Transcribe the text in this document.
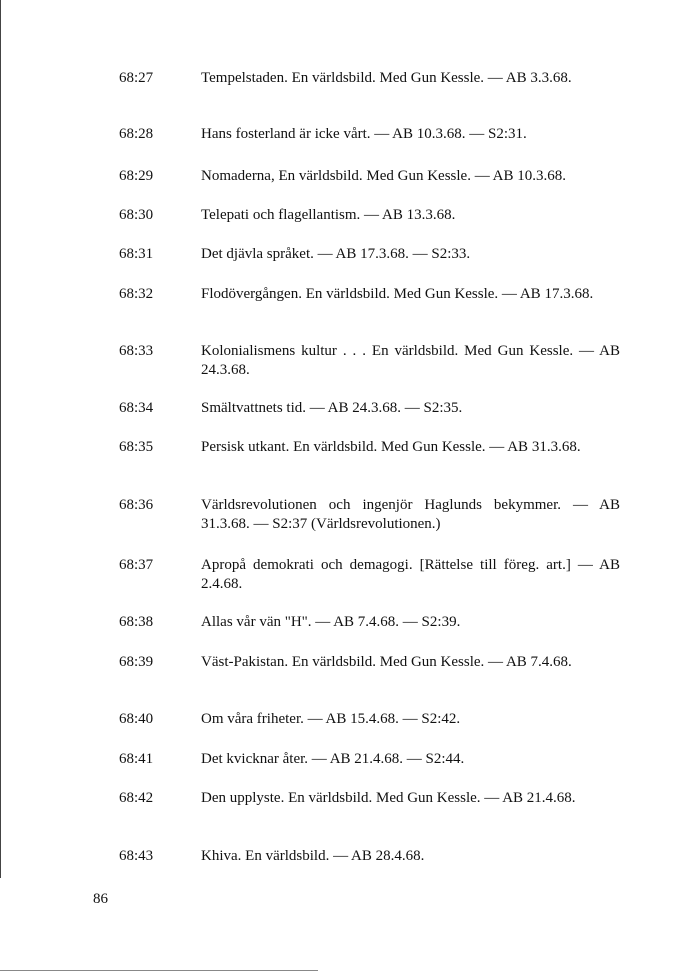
68:27	Tempelstaden. En världsbild. Med Gun Kessle. — AB 3.3.68.
68:28	Hans fosterland är icke vårt. — AB 10.3.68. — S2:31.
68:29	Nomaderna, En världsbild. Med Gun Kessle. — AB 10.3.68.
68:30	Telepati och flagellantism. — AB 13.3.68.
68:31	Det djävla språket. — AB 17.3.68. — S2:33.
68:32	Flodövergången. En världsbild. Med Gun Kessle. — AB 17.3.68.
68:33	Kolonialismens kultur . . . En världsbild. Med Gun Kessle. — AB 24.3.68.
68:34	Smältvattnets tid. — AB 24.3.68. — S2:35.
68:35	Persisk utkant. En världsbild. Med Gun Kessle. — AB 31.3.68.
68:36	Världsrevolutionen och ingenjör Haglunds bekymmer. — AB 31.3.68. — S2:37 (Världsrevolutionen.)
68:37	Apropå demokrati och demagogi. [Rättelse till föreg. art.] — AB 2.4.68.
68:38	Allas vår vän "H". — AB 7.4.68. — S2:39.
68:39	Väst-Pakistan. En världsbild. Med Gun Kessle. — AB 7.4.68.
68:40	Om våra friheter. — AB 15.4.68. — S2:42.
68:41	Det kvicknar åter. — AB 21.4.68. — S2:44.
68:42	Den upplyste. En världsbild. Med Gun Kessle. — AB 21.4.68.
68:43	Khiva. En världsbild. — AB 28.4.68.
86
